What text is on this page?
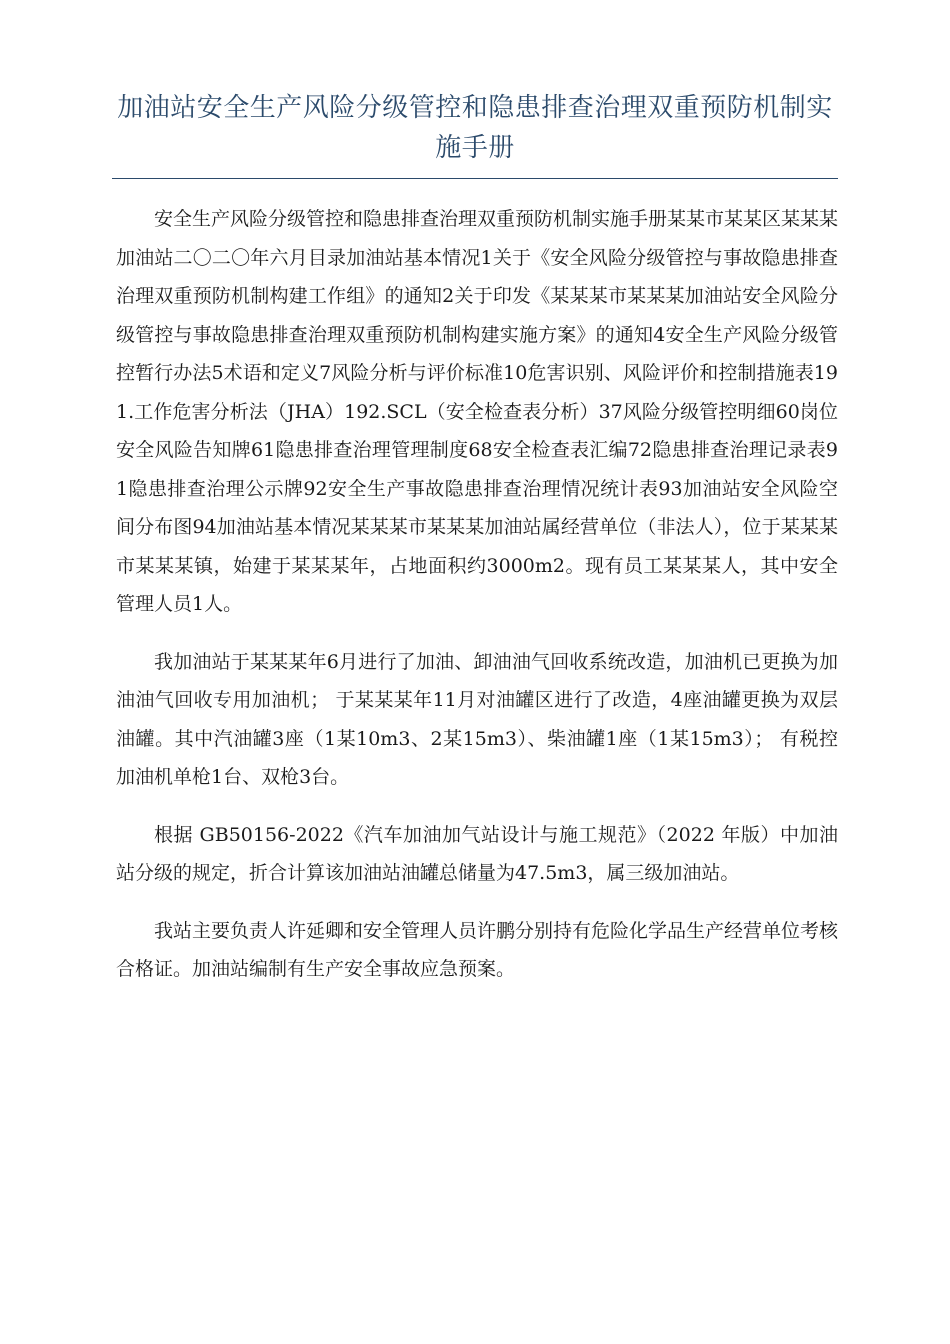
加油站安全生产风险分级管控和隐患排查治理双重预防机制实施手册

安全生产风险分级管控和隐患排查治理双重预防机制实施手册某某市某某区某某某加油站二〇二〇年六月目录加油站基本情况1关于《安全风险分级管控与事故隐患排查治理双重预防机制构建工作组》的通知2关于印发《某某某市某某某加油站安全风险分级管控与事故隐患排查治理双重预防机制构建实施方案》的通知4安全生产风险分级管控暂行办法5术语和定义7风险分析与评价标准10危害识别、风险评价和控制措施表191.工作危害分析法（JHA）192.SCL（安全检查表分析）37风险分级管控明细60岗位安全风险告知牌61隐患排查治理管理制度68安全检查表汇编72隐患排查治理记录表91隐患排查治理公示牌92安全生产事故隐患排查治理情况统计表93加油站安全风险空间分布图94加油站基本情况某某某市某某某加油站属经营单位（非法人），位于某某某市某某某镇，始建于某某某年，占地面积约3000m2。现有员工某某某人，其中安全管理人员1人。

我加油站于某某某年6月进行了加油、卸油油气回收系统改造，加油机已更换为加油油气回收专用加油机； 于某某某年11月对油罐区进行了改造，4座油罐更换为双层油罐。其中汽油罐3座（1某10m3、2某15m3）、柴油罐1座（1某15m3）； 有税控加油机单枪1台、双枪3台。

根据 GB50156-2022《汽车加油加气站设计与施工规范》（2022 年版）中加油站分级的规定，折合计算该加油站油罐总储量为47.5m3，属三级加油站。

我站主要负责人许延卿和安全管理人员许鹏分别持有危险化学品生产经营单位考核合格证。加油站编制有生产安全事故应急预案。
